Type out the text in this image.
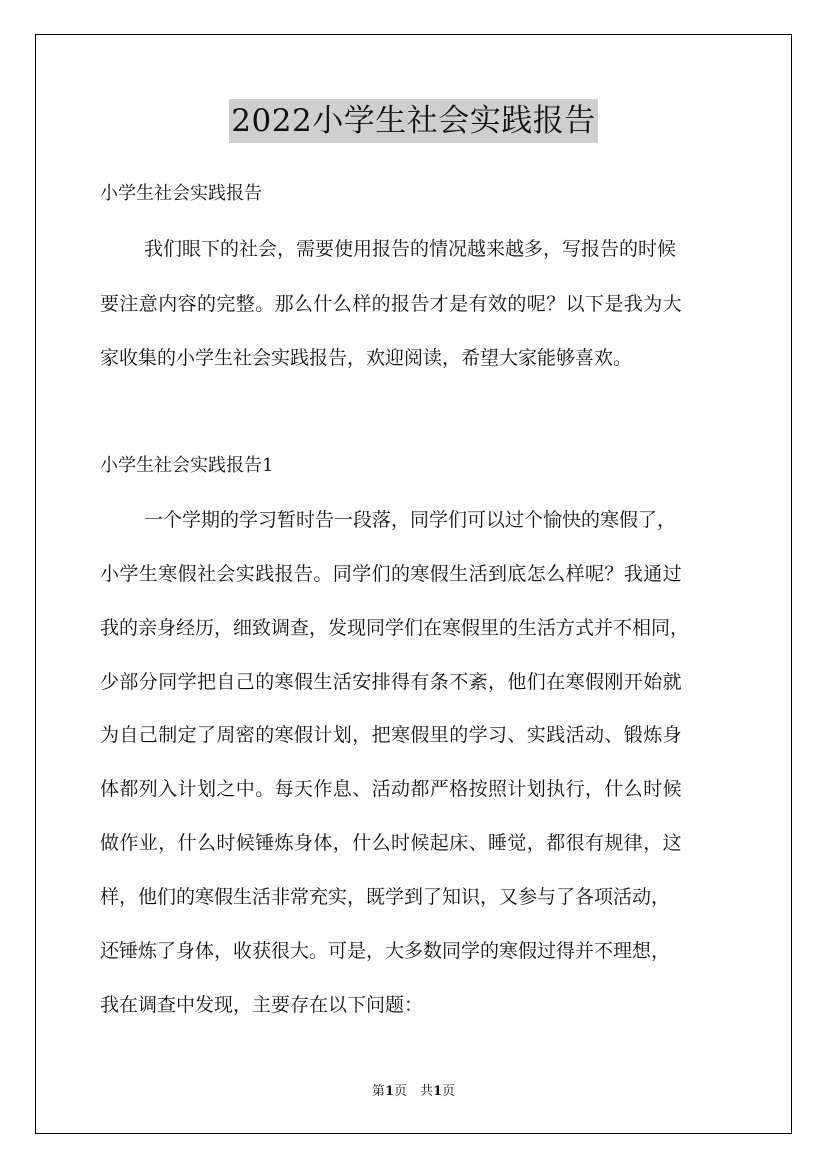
2022小学生社会实践报告
小学生社会实践报告
我们眼下的社会，需要使用报告的情况越来越多，写报告的时候
要注意内容的完整。那么什么样的报告才是有效的呢？以下是我为大
家收集的小学生社会实践报告，欢迎阅读，希望大家能够喜欢。
小学生社会实践报告1
一个学期的学习暂时告一段落，同学们可以过个愉快的寒假了，
小学生寒假社会实践报告。同学们的寒假生活到底怎么样呢？我通过
我的亲身经历，细致调查，发现同学们在寒假里的生活方式并不相同，
少部分同学把自己的寒假生活安排得有条不紊，他们在寒假刚开始就
为自己制定了周密的寒假计划，把寒假里的学习、实践活动、锻炼身
体都列入计划之中。每天作息、活动都严格按照计划执行，什么时候
做作业，什么时候锤炼身体，什么时候起床、睡觉，都很有规律，这
样，他们的寒假生活非常充实，既学到了知识，又参与了各项活动，
还锤炼了身体，收获很大。可是，大多数同学的寒假过得并不理想，
我在调查中发现，主要存在以下问题：
第1页　共1页
